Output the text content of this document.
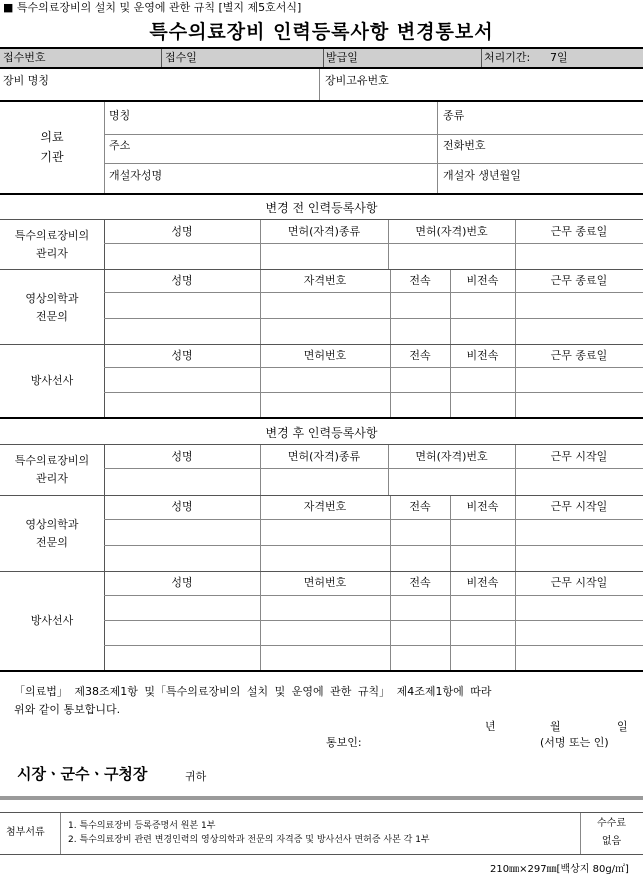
■ 특수의료장비의 설치 및 운영에 관한 규칙 [별지 제5호서식]
특수의료장비 인력등록사항 변경통보서
접수번호	접수일	발급일	처리기간: 7일
장비 명칭	장비고유번호
의료
기관
명칭	종류
주소	전화번호
개설자성명	개설자 생년월일
변경 전 인력등록사항
특수의료장비의
관리자
성명	면허(자격)종류	면허(자격)번호	근무 종료일
영상의학과
전문의
성명	자격번호	전속	비전속	근무 종료일
방사선사
성명	면허번호	전속	비전속	근무 종료일
변경 후 인력등록사항
특수의료장비의
관리자
성명	면허(자격)종류	면허(자격)번호	근무 시작일
영상의학과
전문의
성명	자격번호	전속	비전속	근무 시작일
방사선사
성명	면허번호	전속	비전속	근무 시작일
「의료법」 제38조제1항 및「특수의료장비의 설치 및 운영에 관한 규칙」 제4조제1항에 따라
위와 같이 통보합니다.
년	월	일
통보인:	(서명 또는 인)
시장ㆍ군수ㆍ구청장	귀하
첨부서류
1. 특수의료장비 등록증명서 원본 1부
2. 특수의료장비 관련 변경인력의 영상의학과 전문의 자격증 및 방사선사 면허증 사본 각 1부
수수료
없음
210㎜×297㎜[백상지 80g/㎡]
